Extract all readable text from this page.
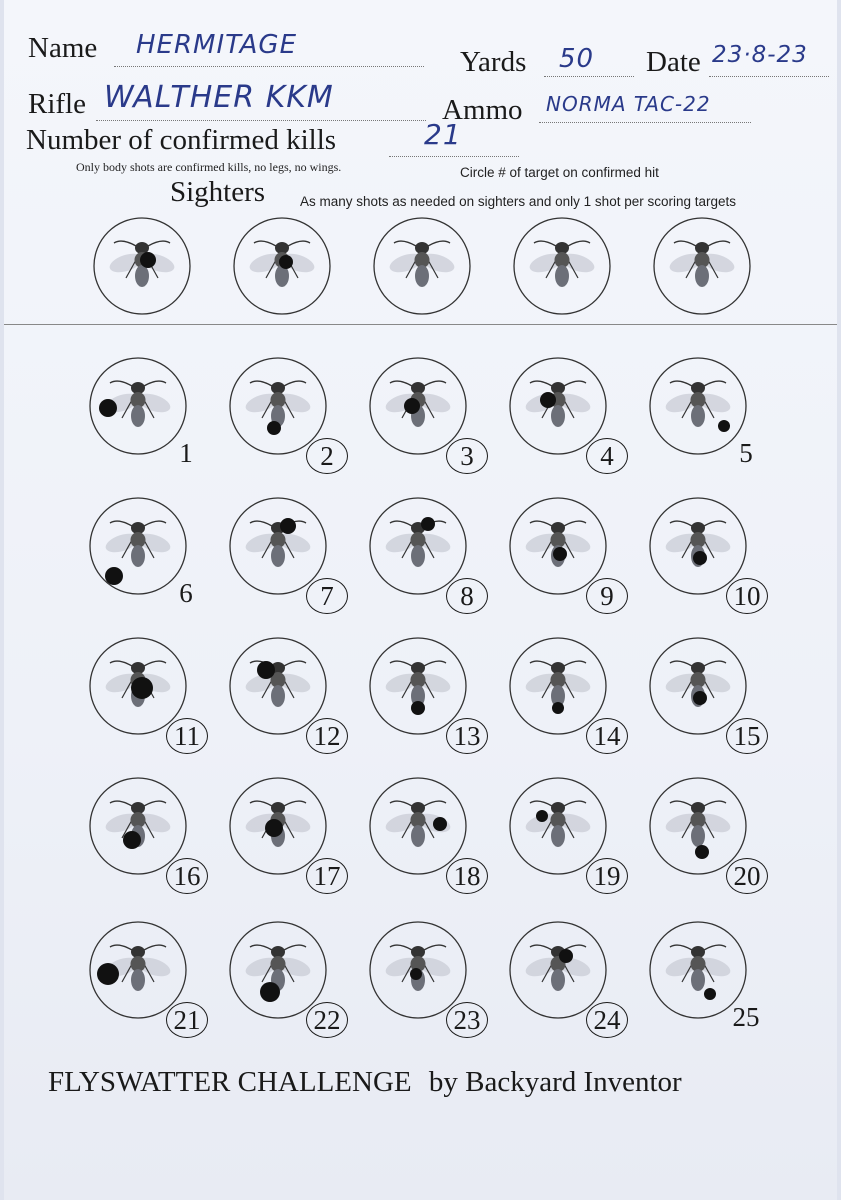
Name HERMITAGE
Yards 50 Date 23·8-23
Rifle WALTHER KKM	Ammo NORMA TAC-22
Number of confirmed kills	21
Only body shots are confirmed kills, no legs, no wings.	Circle # of target on confirmed hit
Sighters	As many shots as needed on sighters and only 1 shot per scoring targets
1	2	3	4	5
6	7	8	9	10
11	12	13	14	15
16	17	18	19	20
21	22	23	24	25
FLYSWATTER CHALLENGE by Backyard Inventor
